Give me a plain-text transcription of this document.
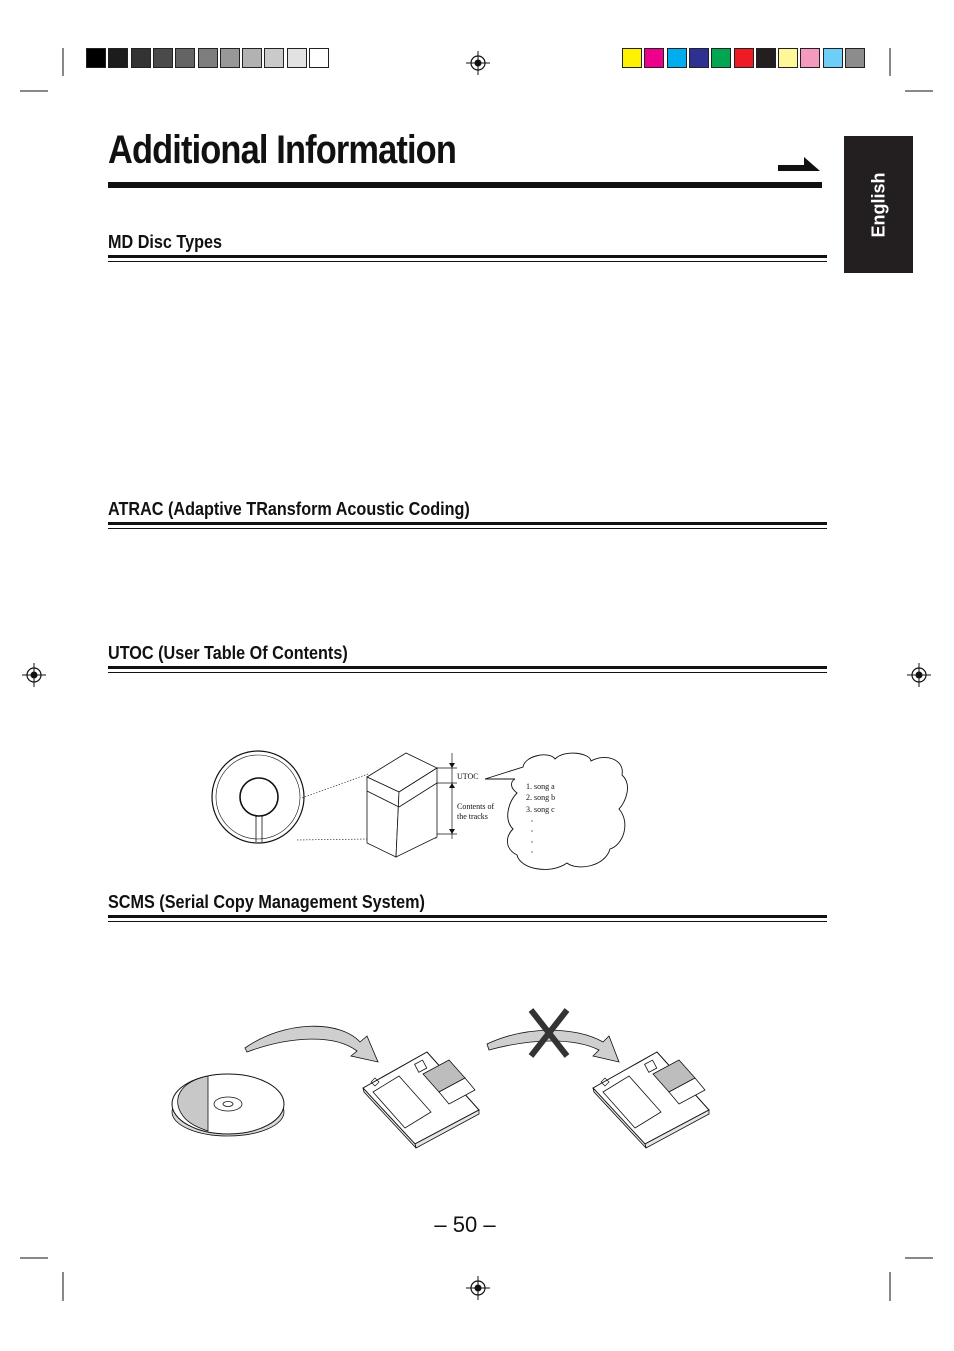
Additional Information
English
MD Disc Types
ATRAC (Adaptive TRansform Acoustic Coding)
UTOC (User Table Of Contents)
UTOC
Contents of
the tracks
1. song a
2. song b
3. song c
SCMS (Serial Copy Management System)
– 50 –
